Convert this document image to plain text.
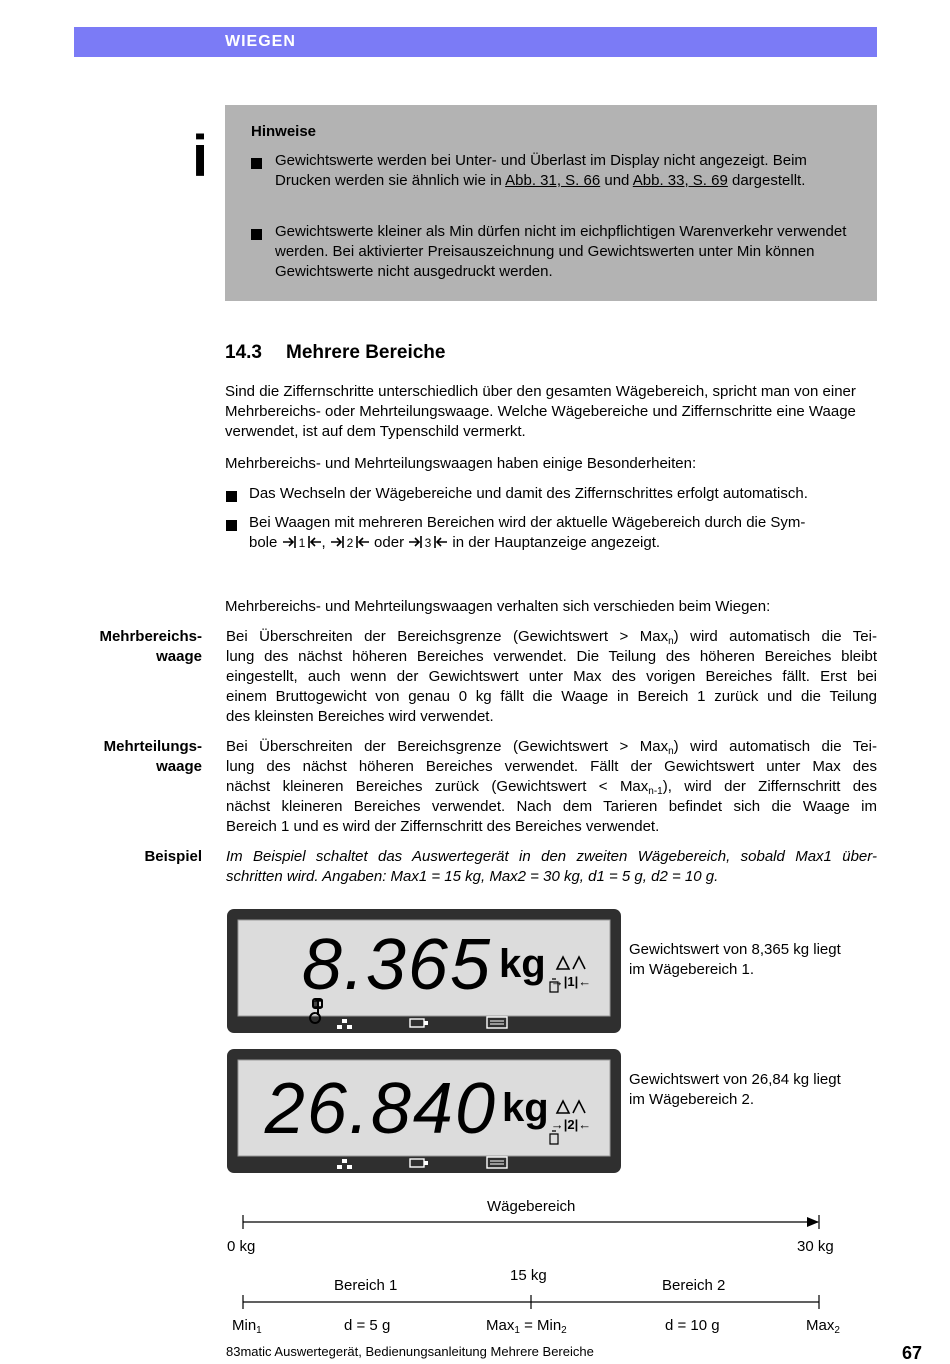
WIEGEN
i	Hinweise
Gewichtswerte werden bei Unter- und Überlast im Display nicht angezeigt. Beim Drucken werden sie ähnlich wie in Abb. 31, S. 66 und Abb. 33, S. 69 dargestellt.
Gewichtswerte kleiner als Min dürfen nicht im eichpflichtigen Warenverkehr verwendet werden. Bei aktivierter Preisauszeichnung und Gewichtswerten unter Min können Gewichtswerte nicht ausgedruckt werden.
14.3 Mehrere Bereiche
Sind die Ziffernschritte unterschiedlich über den gesamten Wägebereich, spricht man von einer Mehrbereichs- oder Mehrteilungswaage. Welche Wägebereiche und Ziffernschritte eine Waage verwendet, ist auf dem Typenschild vermerkt.
Mehrbereichs- und Mehrteilungswaagen haben einige Besonderheiten:
Das Wechseln der Wägebereiche und damit des Ziffernschrittes erfolgt automatisch.
Bei Waagen mit mehreren Bereichen wird der aktuelle Wägebereich durch die Sym-
bole 1 , 2 oder 3 in der Hauptanzeige angezeigt.
Mehrbereichs- und Mehrteilungswaagen verhalten sich verschieden beim Wiegen:
Mehrbereichs-
waage
Bei Überschreiten der Bereichsgrenze (Gewichtswert > Max$_n$) wird automatisch die Tei-
lung des nächst höheren Bereiches verwendet. Die Teilung des höheren Bereiches bleibt
eingestellt, auch wenn der Gewichtswert unter Max des vorigen Bereiches fällt. Erst bei
einem Bruttogewicht von genau 0 kg fällt die Waage in Bereich 1 zurück und die Teilung
des kleinsten Bereiches wird verwendet.
Mehrteilungs-
waage
Bei Überschreiten der Bereichsgrenze (Gewichtswert > Max$_n$) wird automatisch die Tei-
lung des nächst höheren Bereiches verwendet. Fällt der Gewichtswert unter Max des
nächst kleineren Bereiches zurück (Gewichtswert < Max$_{n-1}$), wird der Ziffernschritt des
nächst kleineren Bereiches verwendet. Nach dem Tarieren befindet sich die Waage im
Bereich 1 und es wird der Ziffernschritt des Bereiches verwendet.
Beispiel Im Beispiel schaltet das Auswertegerät in den zweiten Wägebereich, sobald Max1 über-
schritten wird. Angaben: Max1 = 15 kg, Max2 = 30 kg, d1 = 5 g, d2 = 10 g.
8.365 kg →|1|←
Gewichtswert von 8,365 kg liegt
im Wägebereich 1.
26.840 kg →|2|←
Gewichtswert von 26,84 kg liegt
im Wägebereich 2.
Wägebereich
0 kg	30 kg
15 kg
Bereich 1	Bereich 2
Min$_1$	d = 5 g	Max$_1$ = Min$_2$	d = 10 g	Max$_2$
83matic Auswertegerät, Bedienungsanleitung Mehrere Bereiche	67
